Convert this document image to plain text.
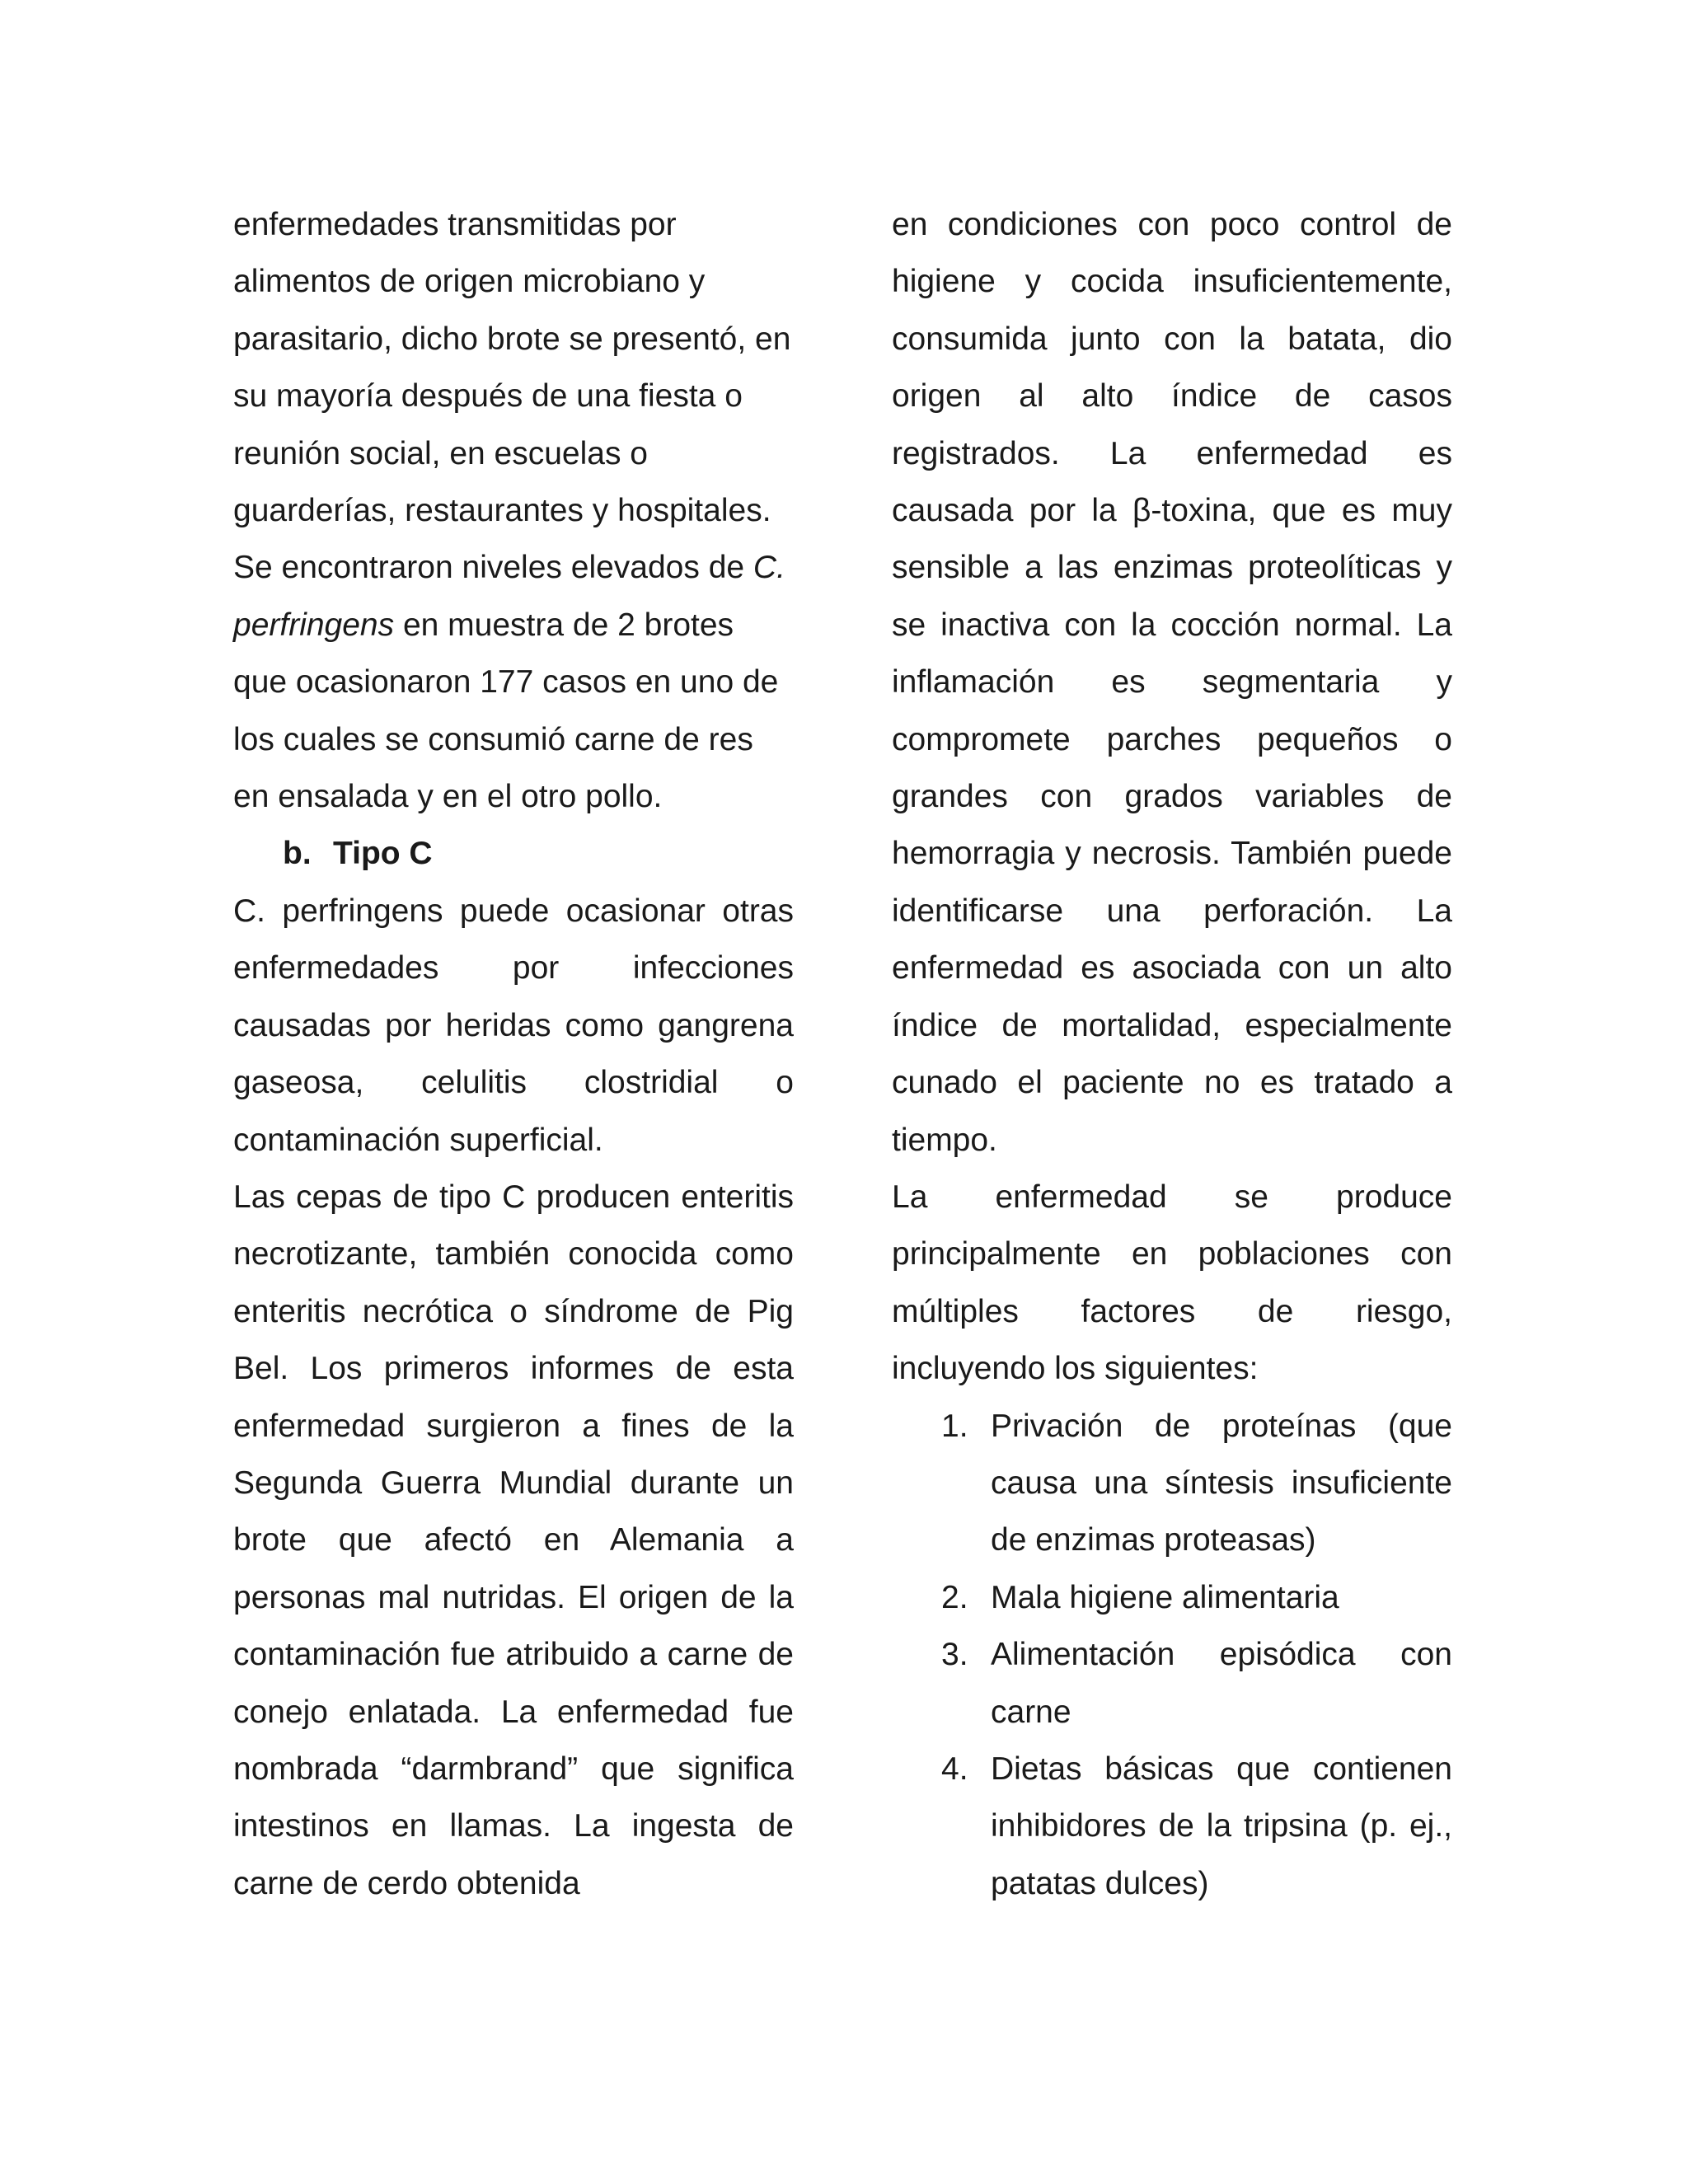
enfermedades transmitidas por alimentos de origen microbiano y parasitario, dicho brote se presentó, en su mayoría después de una fiesta o reunión social, en escuelas o guarderías, restaurantes y hospitales. Se encontraron niveles elevados de C. perfringens en muestra de 2 brotes que ocasionaron 177 casos en uno de los cuales se consumió carne de res en ensalada y en el otro pollo.

b. Tipo C

C. perfringens puede ocasionar otras enfermedades por infecciones causadas por heridas como gangrena gaseosa, celulitis clostridial o contaminación superficial.

Las cepas de tipo C producen enteritis necrotizante, también conocida como enteritis necrótica o síndrome de Pig Bel. Los primeros informes de esta enfermedad surgieron a fines de la Segunda Guerra Mundial durante un brote que afectó en Alemania a personas mal nutridas. El origen de la contaminación fue atribuido a carne de conejo enlatada. La enfermedad fue nombrada “darmbrand” que significa intestinos en llamas. La ingesta de carne de cerdo obtenida

en condiciones con poco control de higiene y cocida insuficientemente, consumida junto con la batata, dio origen al alto índice de casos registrados. La enfermedad es causada por la β-toxina, que es muy sensible a las enzimas proteolíticas y se inactiva con la cocción normal. La inflamación es segmentaria y compromete parches pequeños o grandes con grados variables de hemorragia y necrosis. También puede identificarse una perforación. La enfermedad es asociada con un alto índice de mortalidad, especialmente cunado el paciente no es tratado a tiempo.

La enfermedad se produce principalmente en poblaciones con múltiples factores de riesgo, incluyendo los siguientes:

1. Privación de proteínas (que causa una síntesis insuficiente de enzimas proteasas)
2. Mala higiene alimentaria
3. Alimentación episódica con carne
4. Dietas básicas que contienen inhibidores de la tripsina (p. ej., patatas dulces)
